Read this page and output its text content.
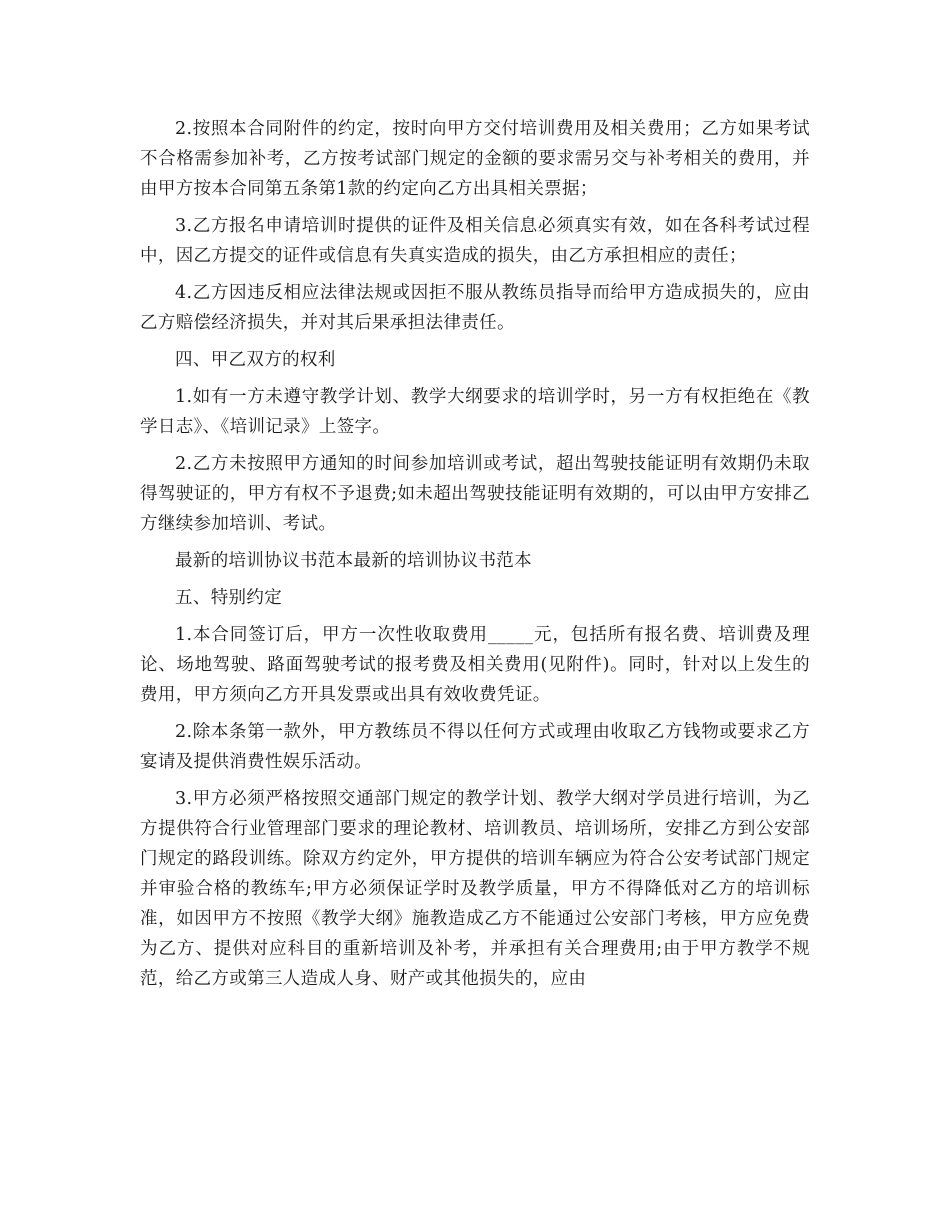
2.按照本合同附件的约定，按时向甲方交付培训费用及相关费用；乙方如果考试不合格需参加补考，乙方按考试部门规定的金额的要求需另交与补考相关的费用，并由甲方按本合同第五条第1款的约定向乙方出具相关票据；

3.乙方报名申请培训时提供的证件及相关信息必须真实有效，如在各科考试过程中，因乙方提交的证件或信息有失真实造成的损失，由乙方承担相应的责任；

4.乙方因违反相应法律法规或因拒不服从教练员指导而给甲方造成损失的，应由乙方赔偿经济损失，并对其后果承担法律责任。

四、甲乙双方的权利

1.如有一方未遵守教学计划、教学大纲要求的培训学时，另一方有权拒绝在《教学日志》、《培训记录》上签字。

2.乙方未按照甲方通知的时间参加培训或考试，超出驾驶技能证明有效期仍未取得驾驶证的，甲方有权不予退费;如未超出驾驶技能证明有效期的，可以由甲方安排乙方继续参加培训、考试。

最新的培训协议书范本最新的培训协议书范本

五、特别约定

1.本合同签订后，甲方一次性收取费用_____元，包括所有报名费、培训费及理论、场地驾驶、路面驾驶考试的报考费及相关费用(见附件)。同时，针对以上发生的费用，甲方须向乙方开具发票或出具有效收费凭证。

2.除本条第一款外，甲方教练员不得以任何方式或理由收取乙方钱物或要求乙方宴请及提供消费性娱乐活动。

3.甲方必须严格按照交通部门规定的教学计划、教学大纲对学员进行培训，为乙方提供符合行业管理部门要求的理论教材、培训教员、培训场所，安排乙方到公安部门规定的路段训练。除双方约定外，甲方提供的培训车辆应为符合公安考试部门规定并审验合格的教练车;甲方必须保证学时及教学质量，甲方不得降低对乙方的培训标准，如因甲方不按照《教学大纲》施教造成乙方不能通过公安部门考核，甲方应免费为乙方、提供对应科目的重新培训及补考，并承担有关合理费用;由于甲方教学不规范，给乙方或第三人造成人身、财产或其他损失的，应由
